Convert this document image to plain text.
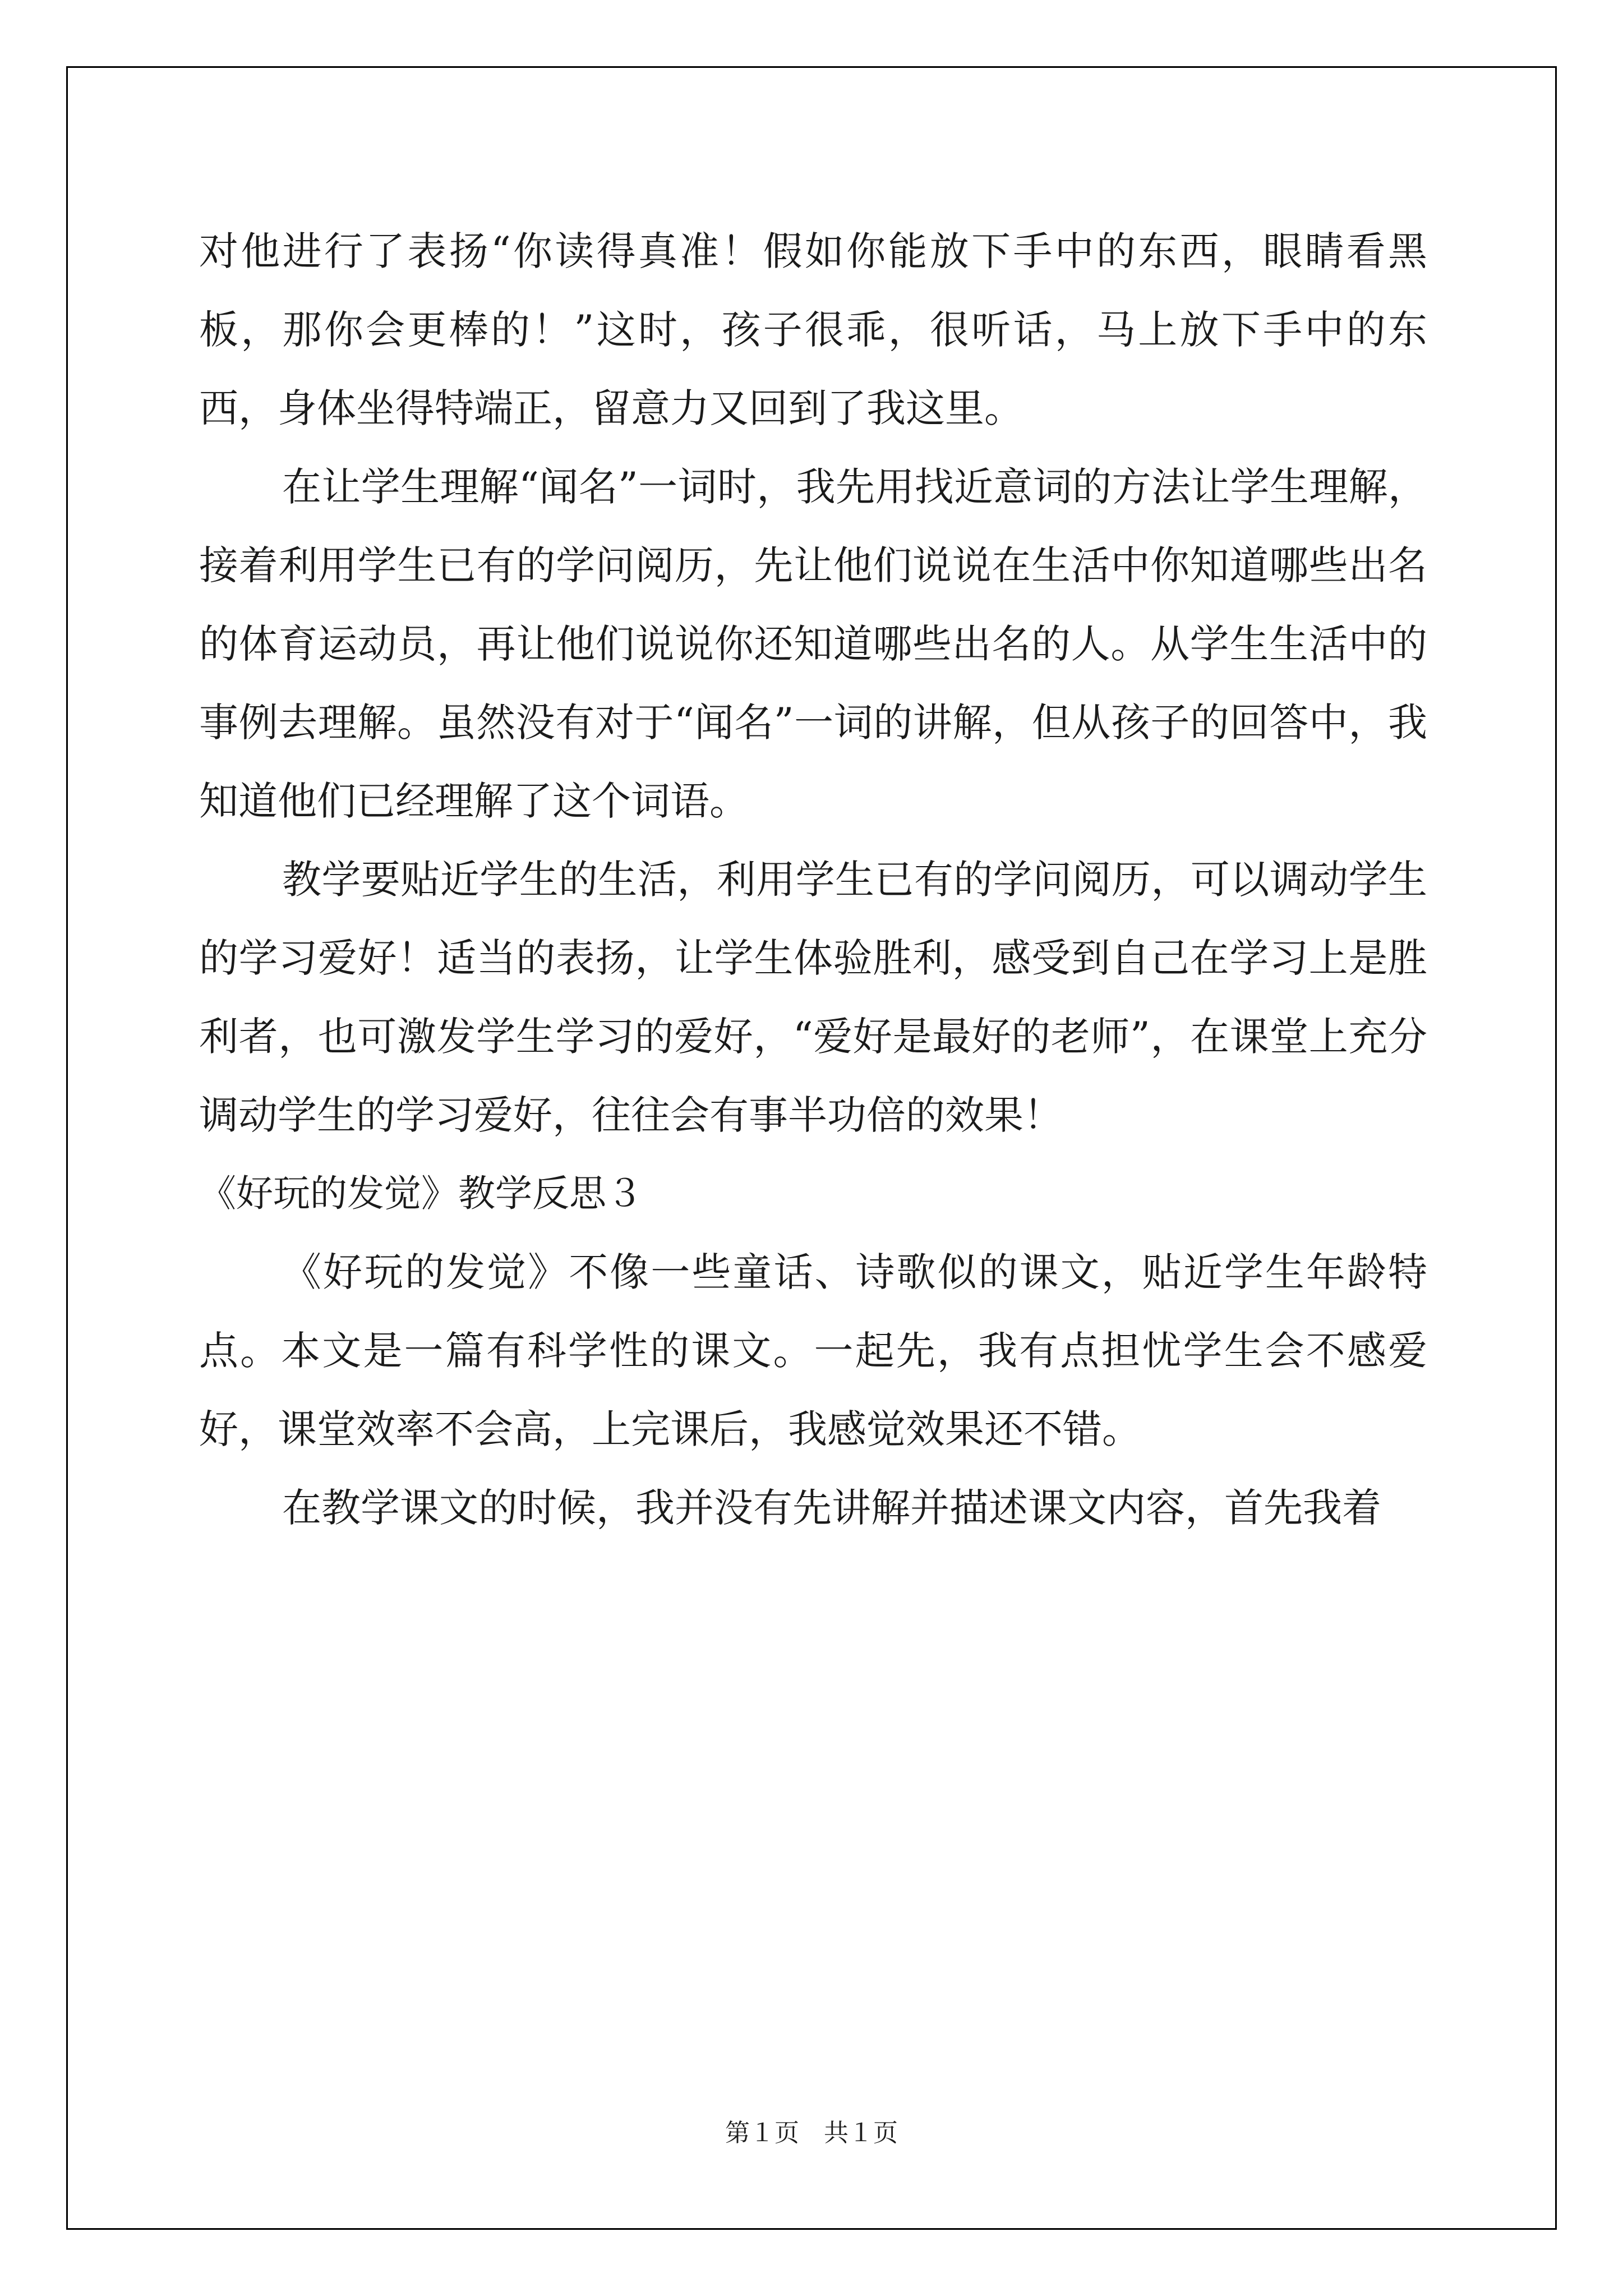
对他进行了表扬“你读得真准！假如你能放下手中的东西，眼睛看黑板，那你会更棒的！”这时，孩子很乖，很听话，马上放下手中的东西，身体坐得特端正，留意力又回到了我这里。

在让学生理解“闻名”一词时，我先用找近意词的方法让学生理解，接着利用学生已有的学问阅历，先让他们说说在生活中你知道哪些出名的体育运动员，再让他们说说你还知道哪些出名的人。从学生生活中的事例去理解。虽然没有对于“闻名”一词的讲解，但从孩子的回答中，我知道他们已经理解了这个词语。

教学要贴近学生的生活，利用学生已有的学问阅历，可以调动学生的学习爱好！适当的表扬，让学生体验胜利，感受到自己在学习上是胜利者，也可激发学生学习的爱好，“爱好是最好的老师”，在课堂上充分调动学生的学习爱好，往往会有事半功倍的效果！

《好玩的发觉》教学反思３

《好玩的发觉》不像一些童话、诗歌似的课文，贴近学生年龄特点。本文是一篇有科学性的课文。一起先，我有点担忧学生会不感爱好，课堂效率不会高，上完课后，我感觉效果还不错。

在教学课文的时候，我并没有先讲解并描述课文内容，首先我着

第１页　共１页
